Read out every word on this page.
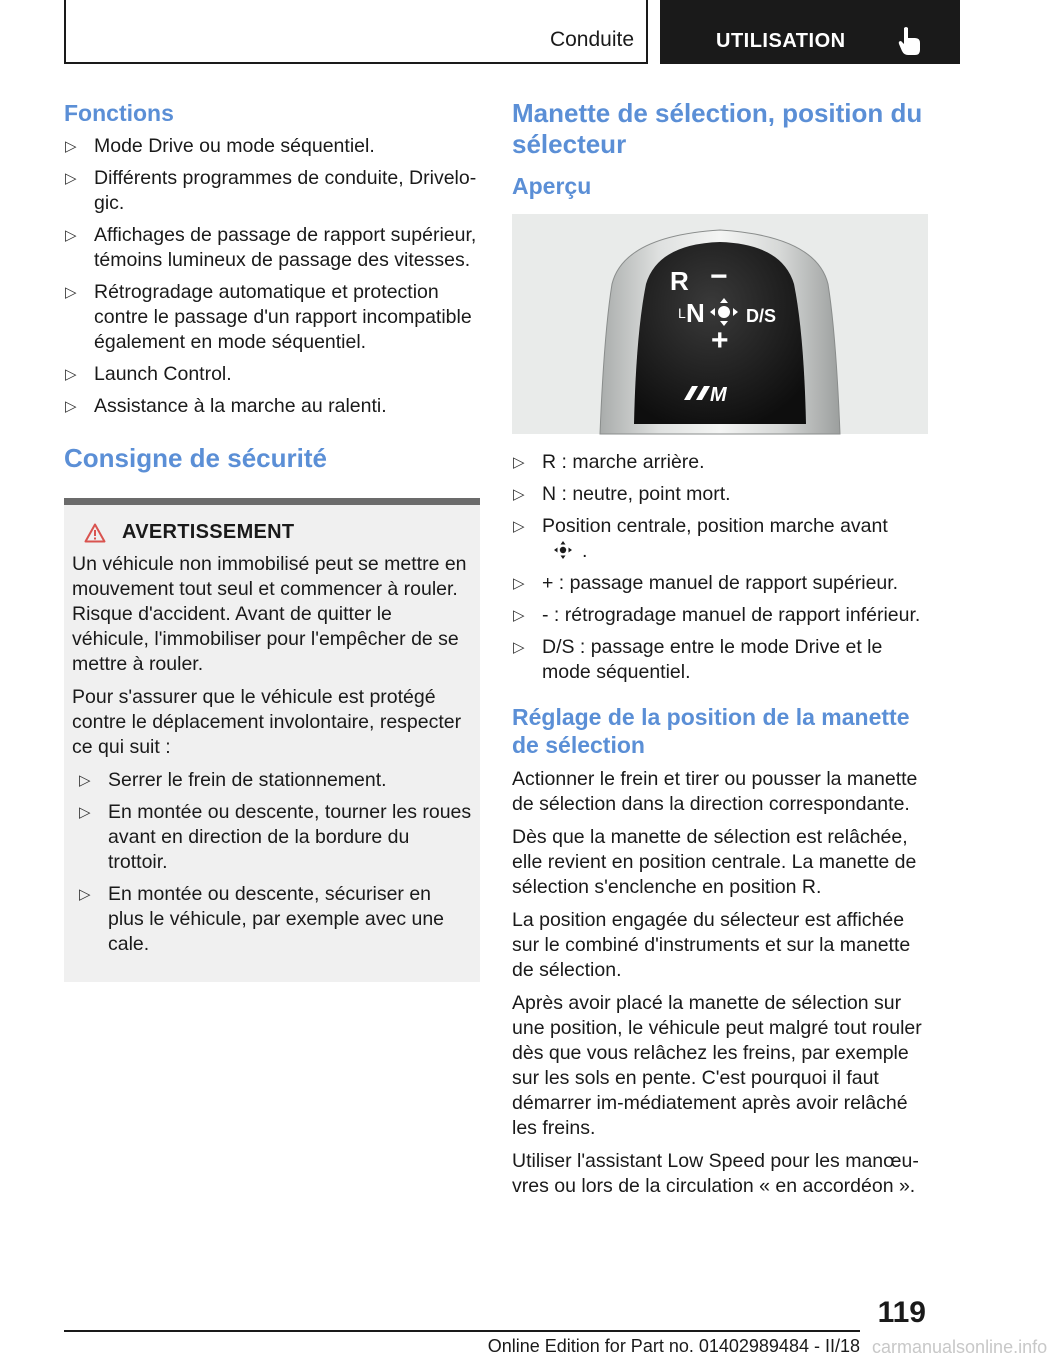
Conduite	UTILISATION
Fonctions
▷ Mode Drive ou mode séquentiel.
▷ Différents programmes de conduite, Drivelo‐gic.
▷ Affichages de passage de rapport supérieur, témoins lumineux de passage des vitesses.
▷ Rétrogradage automatique et protection contre le passage d'un rapport incompatible également en mode séquentiel.
▷ Launch Control.
▷ Assistance à la marche au ralenti.
Consigne de sécurité
AVERTISSEMENT

Un véhicule non immobilisé peut se mettre en mouvement tout seul et commencer à rouler. Risque d'accident. Avant de quitter le véhicule, l'immobiliser pour l'empêcher de se mettre à rouler.

Pour s'assurer que le véhicule est protégé contre le déplacement involontaire, respecter ce qui suit :

▷ Serrer le frein de stationnement.
▷ En montée ou descente, tourner les roues avant en direction de la bordure du trottoir.
▷ En montée ou descente, sécuriser en plus le véhicule, par exemple avec une cale.
Manette de sélection, position du sélecteur
Aperçu
R −
L N D/S
+
M
▷ R : marche arrière.
▷ N : neutre, point mort.
▷ Position centrale, position marche avant .
▷ + : passage manuel de rapport supérieur.
▷ - : rétrogradage manuel de rapport inférieur.
▷ D/S : passage entre le mode Drive et le mode séquentiel.
Réglage de la position de la manette de sélection

Actionner le frein et tirer ou pousser la manette de sélection dans la direction correspondante.

Dès que la manette de sélection est relâchée, elle revient en position centrale. La manette de sélection s'enclenche en position R.

La position engagée du sélecteur est affichée sur le combiné d'instruments et sur la manette de sélection.

Après avoir placé la manette de sélection sur une position, le véhicule peut malgré tout rouler dès que vous relâchez les freins, par exemple sur les sols en pente. C'est pourquoi il faut démarrer im‐médiatement après avoir relâché les freins.

Utiliser l'assistant Low Speed pour les manœu‐vres ou lors de la circulation « en accordéon ».

119
Online Edition for Part no. 01402989484 - II/18 carmanualsonline.info
